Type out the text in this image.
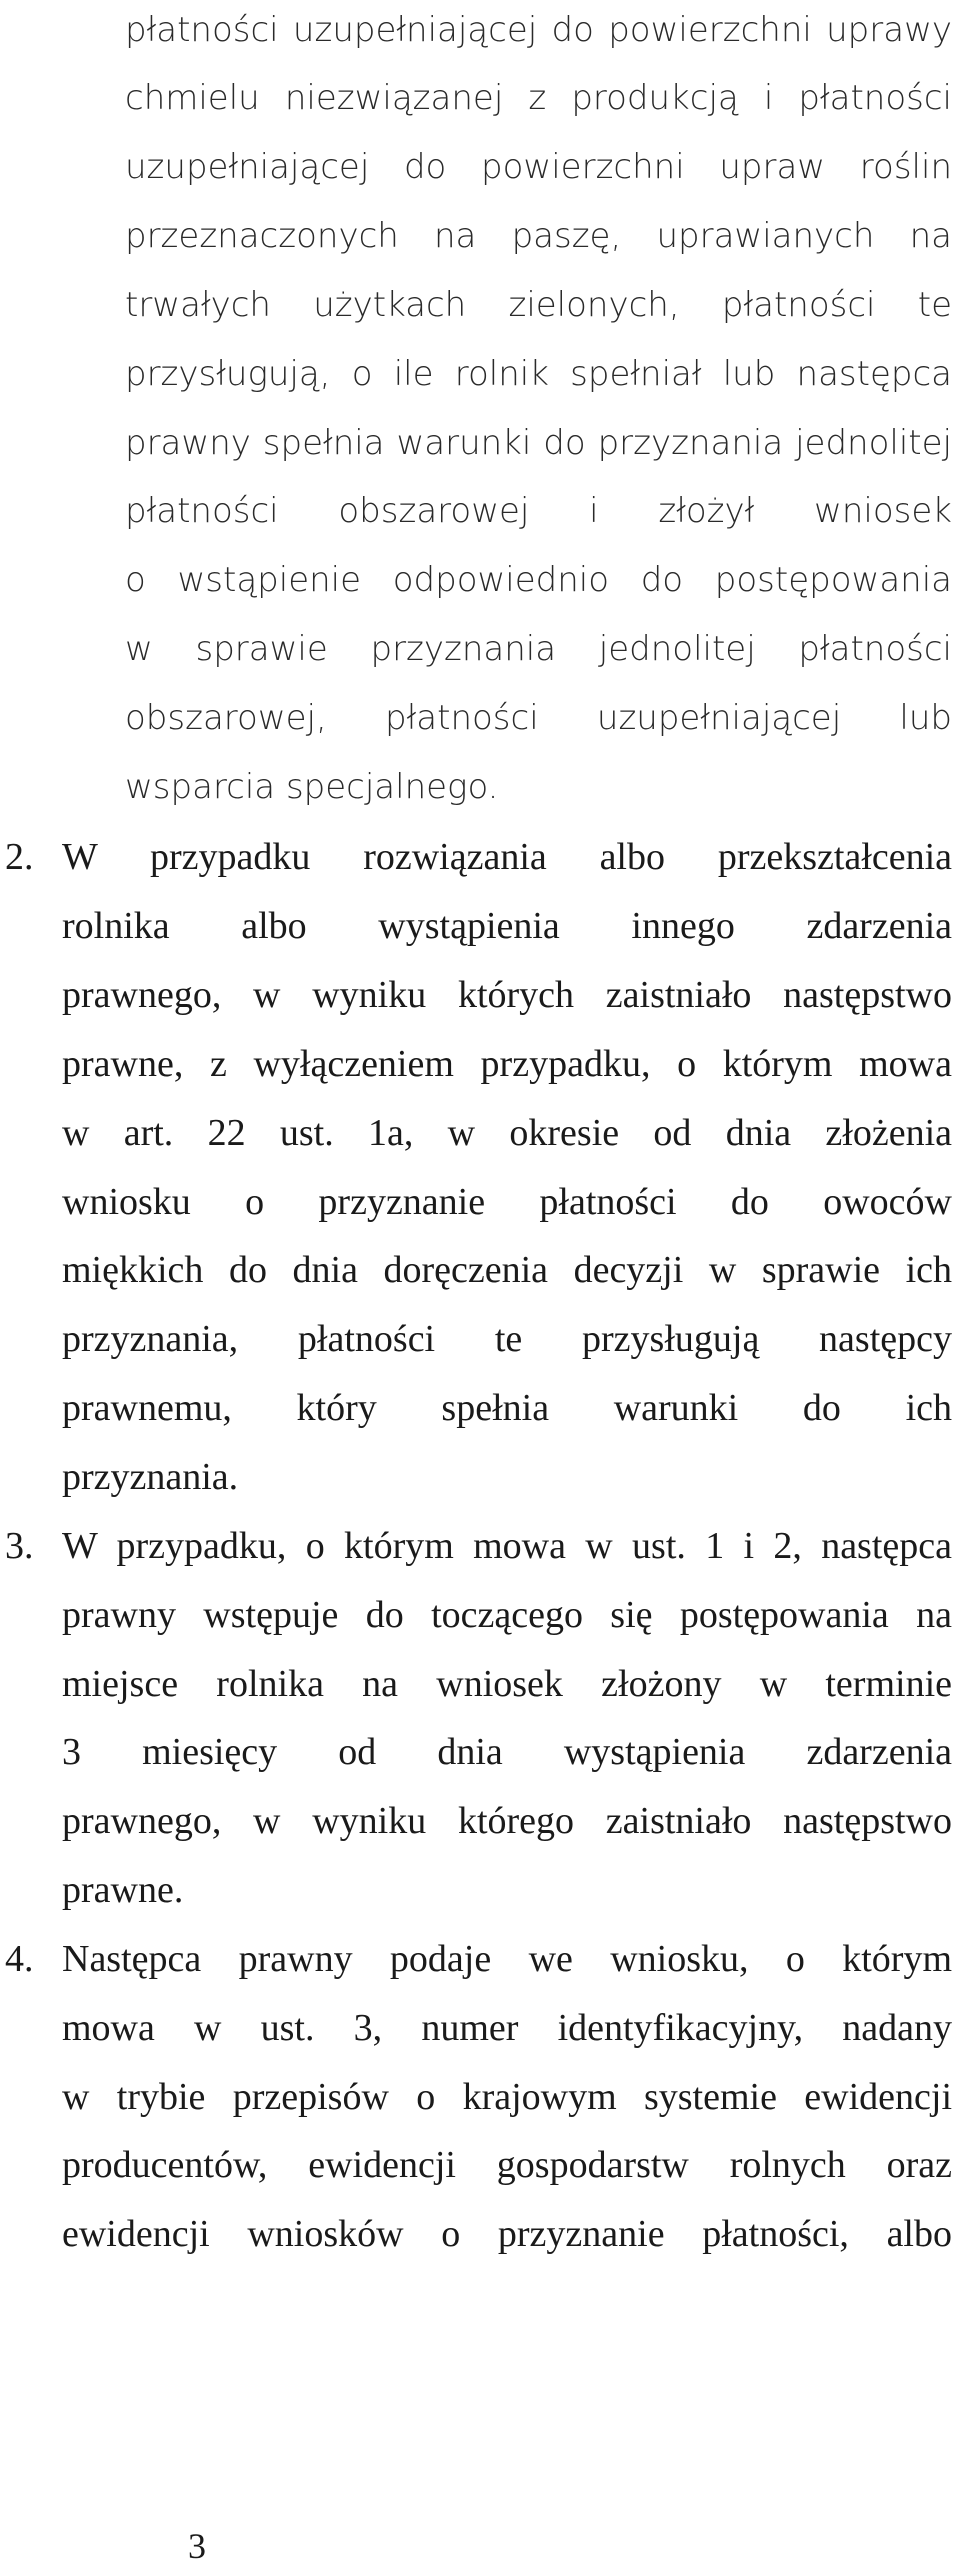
płatności uzupełniającej do powierzchni uprawy

chmielu niezwiązanej z produkcją i płatności

uzupełniającej do powierzchni upraw roślin

przeznaczonych na paszę, uprawianych na

trwałych użytkach zielonych, płatności te

przysługują, o ile rolnik spełniał lub następca

prawny spełnia warunki do przyznania jednolitej

płatności obszarowej i złożył wniosek

o wstąpienie odpowiednio do postępowania

w sprawie przyznania jednolitej płatności

obszarowej, płatności uzupełniającej lub

wsparcia specjalnego.

2. W przypadku rozwiązania albo przekształcenia

rolnika albo wystąpienia innego zdarzenia

prawnego, w wyniku których zaistniało następstwo

prawne, z wyłączeniem przypadku, o którym mowa

w art. 22 ust. 1a, w okresie od dnia złożenia

wniosku o przyznanie płatności do owoców

miękkich do dnia doręczenia decyzji w sprawie ich

przyznania, płatności te przysługują następcy

prawnemu, który spełnia warunki do ich

przyznania.

3. W przypadku, o którym mowa w ust. 1 i 2, następca

prawny wstępuje do toczącego się postępowania na

miejsce rolnika na wniosek złożony w terminie

3 miesięcy od dnia wystąpienia zdarzenia

prawnego, w wyniku którego zaistniało następstwo

prawne.

4. Następca prawny podaje we wniosku, o którym

mowa w ust. 3, numer identyfikacyjny, nadany

w trybie przepisów o krajowym systemie ewidencji

producentów, ewidencji gospodarstw rolnych oraz

ewidencji wniosków o przyznanie płatności, albo

3
